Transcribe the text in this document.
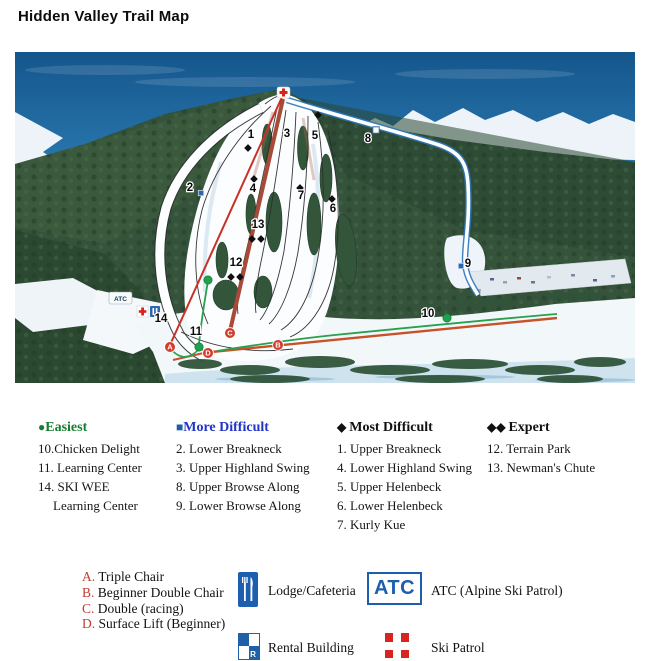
Hidden Valley Trail Map
ATC
1
2
3
4
5
6
7
8
9
10
11
12
13
14
A	B
C
D
●Easiest
10.Chicken Delight
11. Learning Center
14. SKI WEE
Learning Center
■More Difficult
2. Lower Breakneck
3. Upper Highland Swing
8. Upper Browse Along
9. Lower Browse Along
◆ Most Difficult
1. Upper Breakneck
4. Lower Highland Swing
5. Upper Helenbeck
6. Lower Helenbeck
7. Kurly Kue
◆◆ Expert
12. Terrain Park
13. Newman's Chute
A. Triple Chair
B. Beginner Double Chair
C. Double (racing)
D. Surface Lift (Beginner)
Lodge/Cafeteria ATC ATC (Alpine Ski Patrol)
R Rental Building	Ski Patrol
